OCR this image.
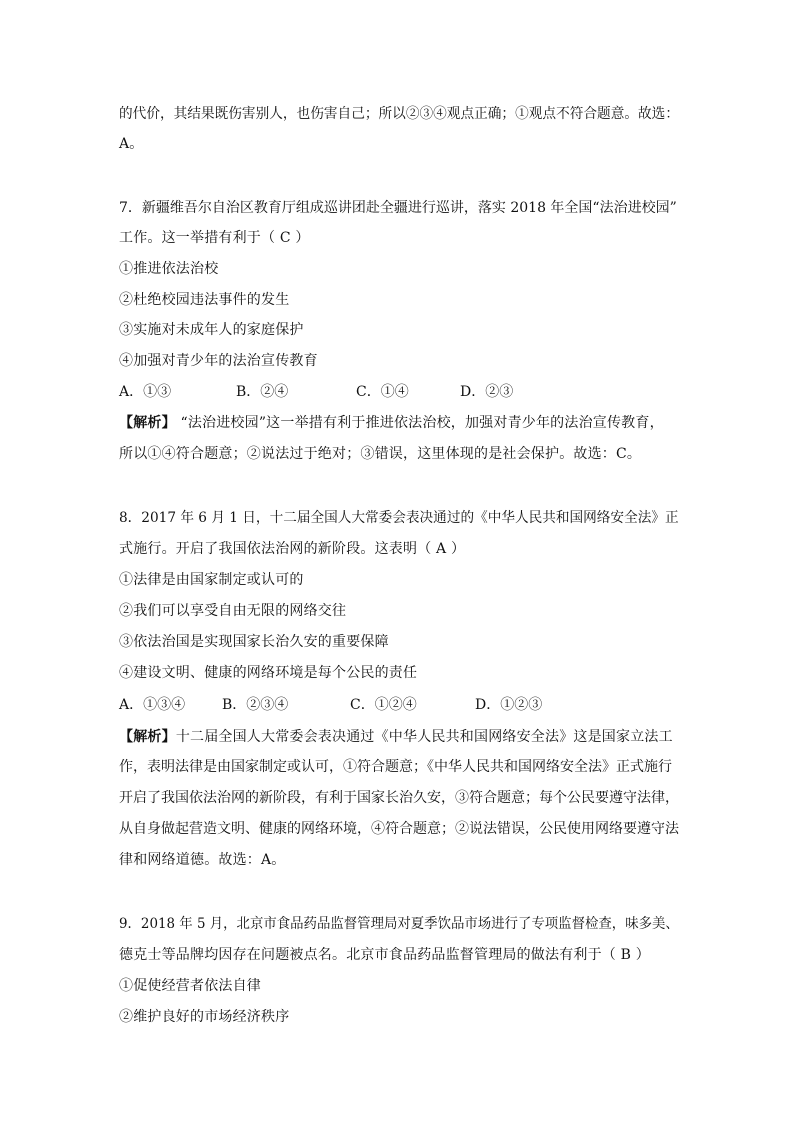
的代价，其结果既伤害别人，也伤害自己；所以②③④观点正确；①观点不符合题意。故选：
A。
7．新疆维吾尔自治区教育厅组成巡讲团赴全疆进行巡讲，落实 2018 年全国“法治进校园”
工作。这一举措有利于（ C ）
①推进依法治校
②杜绝校园违法事件的发生
③实施对未成年人的家庭保护
④加强对青少年的法治宣传教育
A．①③	B．②④	C．①④	D．②③
【解析】 “法治进校园”这一举措有利于推进依法治校，加强对青少年的法治宣传教育，
所以①④符合题意；②说法过于绝对；③错误，这里体现的是社会保护。故选：C。
8．2017 年 6 月 1 日，十二届全国人大常委会表决通过的《中华人民共和国网络安全法》正
式施行。开启了我国依法治网的新阶段。这表明（ A ）
①法律是由国家制定或认可的
②我们可以享受自由无限的网络交往
③依法治国是实现国家长治久安的重要保障
④建设文明、健康的网络环境是每个公民的责任
A．①③④	B．②③④	C．①②④	D．①②③
【解析】十二届全国人大常委会表决通过《中华人民共和国网络安全法》这是国家立法工
作，表明法律是由国家制定或认可，①符合题意；《中华人民共和国网络安全法》正式施行
开启了我国依法治网的新阶段，有利于国家长治久安，③符合题意；每个公民要遵守法律，
从自身做起营造文明、健康的网络环境，④符合题意；②说法错误，公民使用网络要遵守法
律和网络道德。故选：A。
9．2018 年 5 月，北京市食品药品监督管理局对夏季饮品市场进行了专项监督检查，味多美、
德克士等品牌均因存在问题被点名。北京市食品药品监督管理局的做法有利于（ B ）
①促使经营者依法自律
②维护良好的市场经济秩序
